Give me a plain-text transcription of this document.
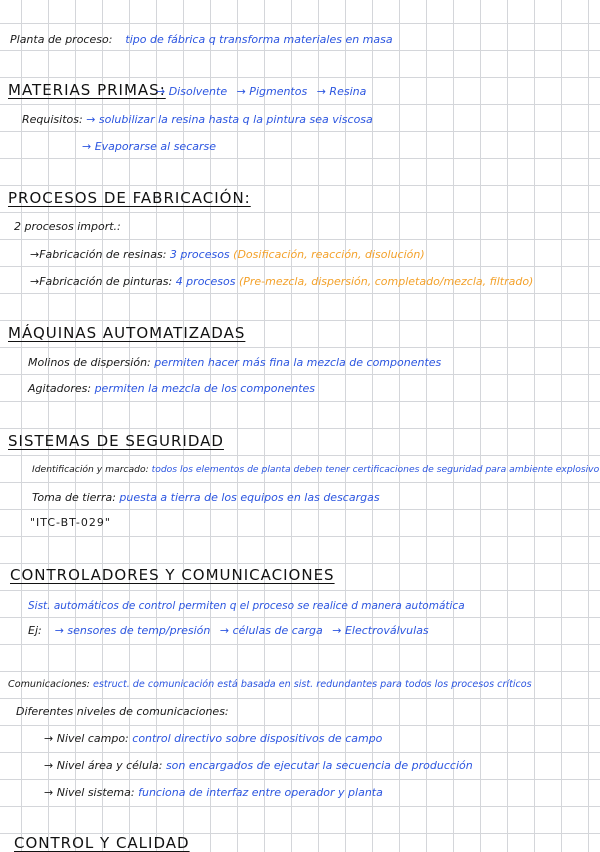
Planta de proceso: tipo de fábrica q transforma materiales en masa
MATERIAS PRIMAS:
→ Disolvente → Pigmentos → Resina
Requisitos: → solubilizar la resina hasta q la pintura sea viscosa
→ Evaporarse al secarse
PROCESOS DE FABRICACIÓN:
2 procesos import.:
→Fabricación de resinas: 3 procesos (Dosificación, reacción, disolución)
→Fabricación de pinturas: 4 procesos (Pre-mezcla, dispersión, completado/mezcla, filtrado)
MÁQUINAS AUTOMATIZADAS
Molinos de dispersión: permiten hacer más fina la mezcla de componentes
Agitadores: permiten la mezcla de los componentes
SISTEMAS DE SEGURIDAD
Identificación y marcado: todos los elementos de planta deben tener certificaciones de seguridad para ambiente explosivo
Toma de tierra: puesta a tierra de los equipos en las descargas
"ITC-BT-029"
CONTROLADORES Y COMUNICACIONES
Sist. automáticos de control permiten q el proceso se realice d manera automática
Ej: → sensores de temp/presión → células de carga → Electroválvulas
Comunicaciones: estruct. de comunicación está basada en sist. redundantes para todos los procesos críticos
Diferentes niveles de comunicaciones:
→ Nivel campo: control directivo sobre dispositivos de campo
→ Nivel área y célula: son encargados de ejecutar la secuencia de producción
→ Nivel sistema: funciona de interfaz entre operador y planta
CONTROL Y CALIDAD
